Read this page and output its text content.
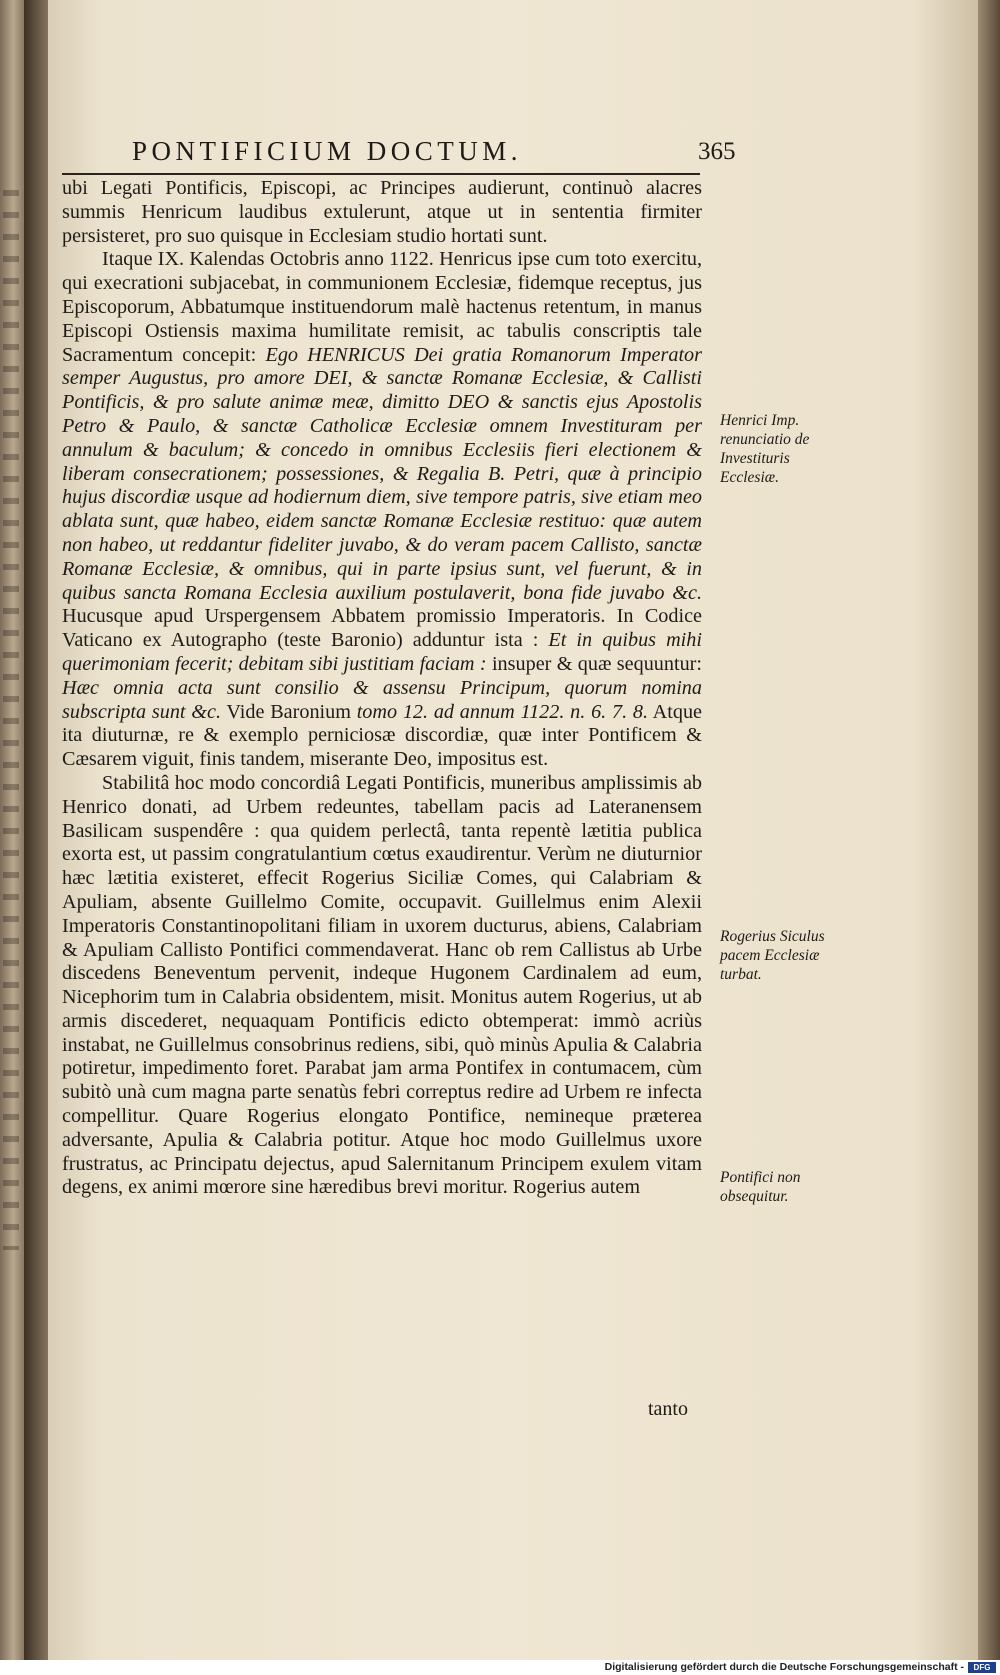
PONTIFICIUM DOCTUM.	365

ubi Legati Pontificis, Episcopi, ac Principes audierunt, continuò alacres summis Henricum laudibus extulerunt, atque ut in sententia firmiter persisteret, pro suo quisque in Ecclesiam studio hortati sunt.

Itaque IX. Kalendas Octobris anno 1122. Henricus ipse cum toto exercitu, qui execrationi subjacebat, in communionem Ecclesiæ, fidemque receptus, jus Episcoporum, Abbatumque instituendorum malè hactenus retentum, in manus Episcopi Ostiensis maxima humilitate remisit, ac tabulis conscriptis tale Sacramentum concepit: Ego HENRICUS Dei gratia Romanorum Imperator semper Augustus, pro amore DEI, & sanctæ Romanæ Ecclesiæ, & Callisti Pontificis, & pro salute animæ meæ, dimitto DEO & sanctis ejus Apostolis Petro & Paulo, & sanctæ Catholicæ Ecclesiæ omnem Investituram per annulum & baculum; & concedo in omnibus Ecclesiis fieri electionem & liberam consecrationem; possessiones, & Regalia B. Petri, quæ à principio hujus discordiæ usque ad hodiernum diem, sive tempore patris, sive etiam meo ablata sunt, quæ habeo, eidem sanctæ Romanæ Ecclesiæ restituo: quæ autem non habeo, ut reddantur fideliter juvabo, & do veram pacem Callisto, sanctæ Romanæ Ecclesiæ, & omnibus, qui in parte ipsius sunt, vel fuerunt, & in quibus sancta Romana Ecclesia auxilium postulaverit, bona fide juvabo &c. Hucusque apud Urspergensem Abbatem promissio Imperatoris. In Codice Vaticano ex Autographo (teste Baronio) adduntur ista : Et in quibus mihi querimoniam fecerit; debitam sibi justitiam faciam : insuper & quæ sequuntur: Hæc omnia acta sunt consilio & assensu Principum, quorum nomina subscripta sunt &c. Vide Baronium tomo 12. ad annum 1122. n. 6. 7. 8. Atque ita diuturnæ, re & exemplo perniciosæ discordiæ, quæ inter Pontificem & Cæsarem viguit, finis tandem, miserante Deo, impositus est.

Stabilitâ hoc modo concordiâ Legati Pontificis, muneribus amplissimis ab Henrico donati, ad Urbem redeuntes, tabellam pacis ad Lateranensem Basilicam suspendêre : qua quidem perlectâ, tanta repentè lætitia publica exorta est, ut passim congratulantium cœtus exaudirentur. Verùm ne diuturnior hæc lætitia existeret, effecit Rogerius Siciliæ Comes, qui Calabriam & Apuliam, absente Guillelmo Comite, occupavit. Guillelmus enim Alexii Imperatoris Constantinopolitani filiam in uxorem ducturus, abiens, Calabriam & Apuliam Callisto Pontifici commendaverat. Hanc ob rem Callistus ab Urbe discedens Beneventum pervenit, indeque Hugonem Cardinalem ad eum, Nicephorim tum in Calabria obsidentem, misit. Monitus autem Rogerius, ut ab armis discederet, nequaquam Pontificis edicto obtemperat: immò acriùs instabat, ne Guillelmus consobrinus rediens, sibi, quò minùs Apulia & Calabria potiretur, impedimento foret. Parabat jam arma Pontifex in contumacem, cùm subitò unà cum magna parte senatùs febri correptus redire ad Urbem re infecta compellitur. Quare Rogerius elongato Pontifice, nemineque præterea adversante, Apulia & Calabria potitur. Atque hoc modo Guillelmus uxore frustratus, ac Principatu dejectus, apud Salernitanum Principem exulem vitam degens, ex animi mœrore sine hæredibus brevi moritur. Rogerius autem

Henrici Imp. renunciatio de Investituris Ecclesiæ.
Rogerius Siculus pacem Ecclesiæ turbat.
Pontifici non obsequitur.
tanto
Digitalisierung gefördert durch die Deutsche Forschungsgemeinschaft -	DFG
